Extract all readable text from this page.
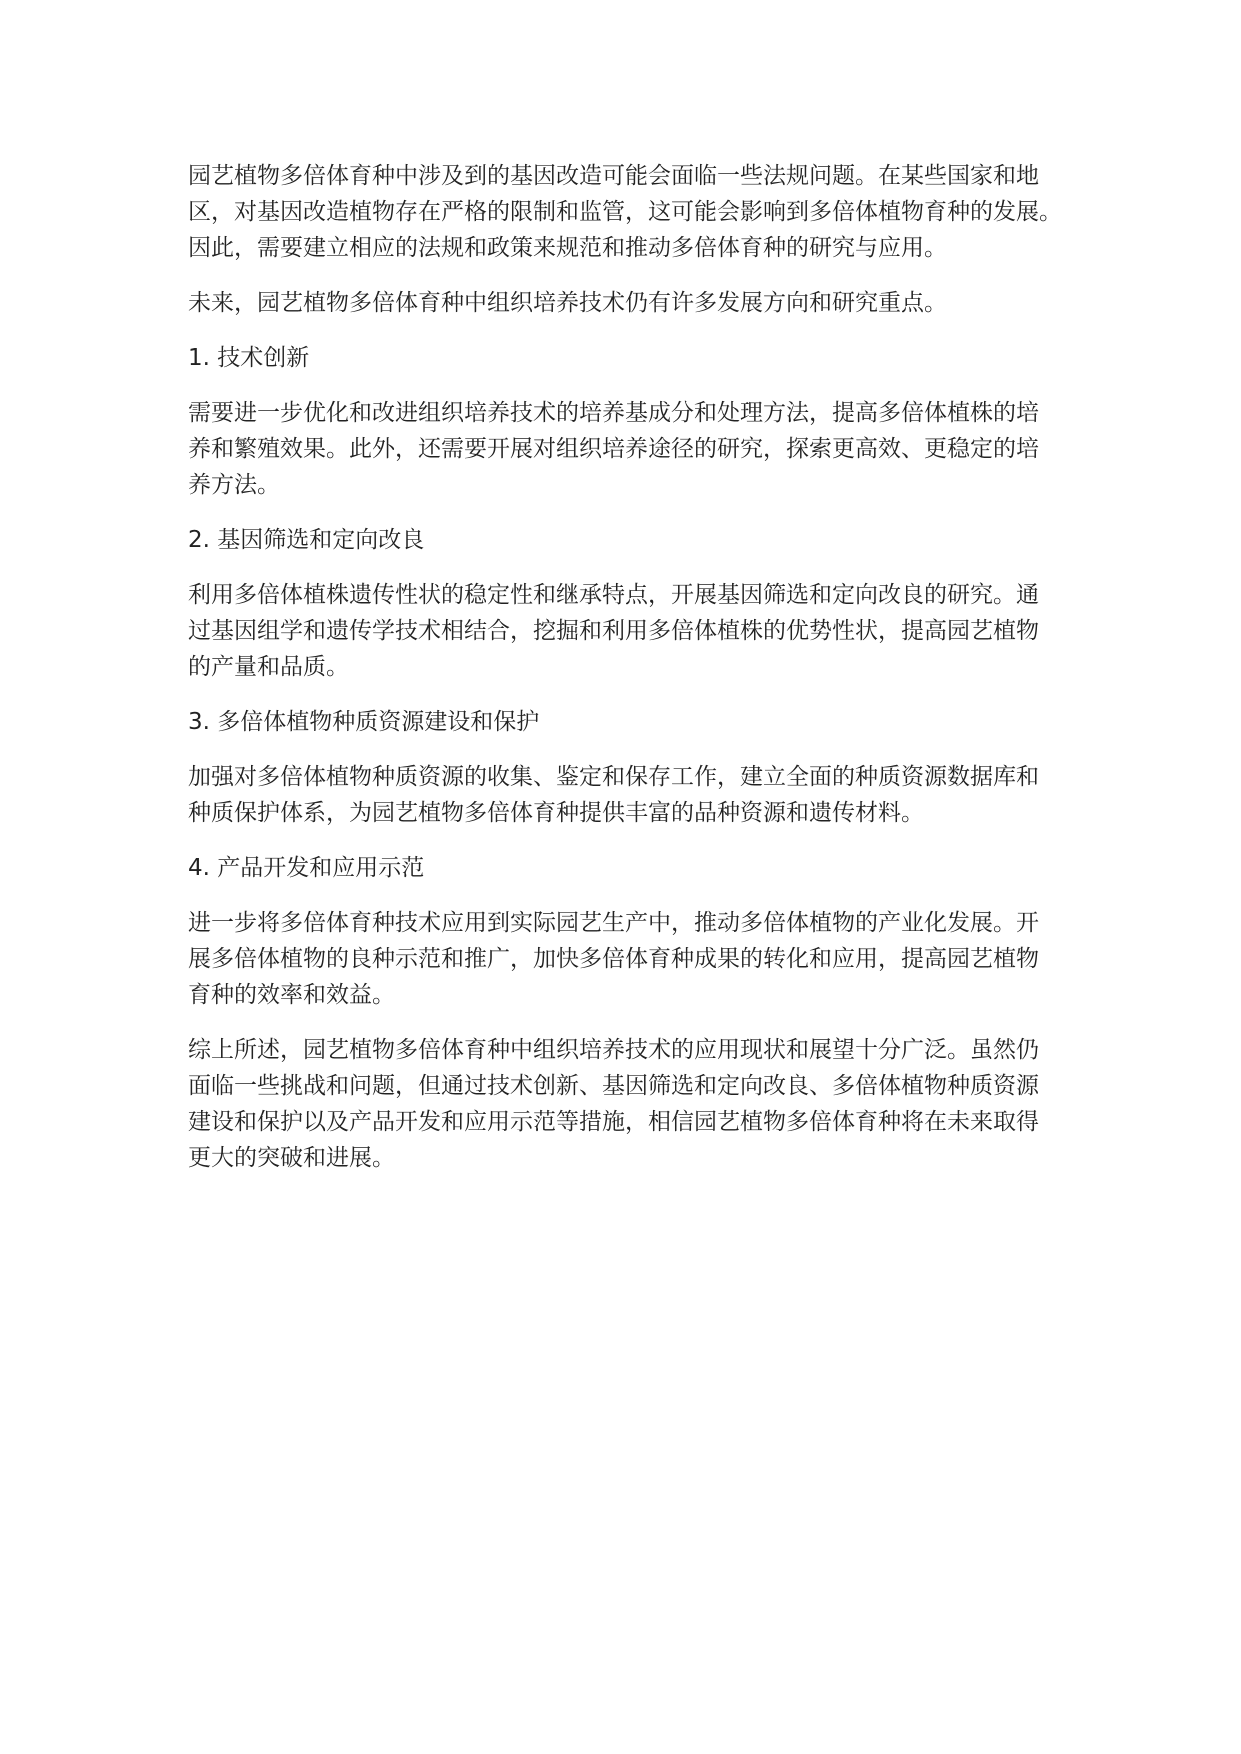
园艺植物多倍体育种中涉及到的基因改造可能会面临一些法规问题。在某些国家和地
区，对基因改造植物存在严格的限制和监管，这可能会影响到多倍体植物育种的发展。
因此，需要建立相应的法规和政策来规范和推动多倍体育种的研究与应用。

未来，园艺植物多倍体育种中组织培养技术仍有许多发展方向和研究重点。

1. 技术创新

需要进一步优化和改进组织培养技术的培养基成分和处理方法，提高多倍体植株的培
养和繁殖效果。此外，还需要开展对组织培养途径的研究，探索更高效、更稳定的培
养方法。

2. 基因筛选和定向改良

利用多倍体植株遗传性状的稳定性和继承特点，开展基因筛选和定向改良的研究。通
过基因组学和遗传学技术相结合，挖掘和利用多倍体植株的优势性状，提高园艺植物
的产量和品质。

3. 多倍体植物种质资源建设和保护

加强对多倍体植物种质资源的收集、鉴定和保存工作，建立全面的种质资源数据库和
种质保护体系，为园艺植物多倍体育种提供丰富的品种资源和遗传材料。

4. 产品开发和应用示范

进一步将多倍体育种技术应用到实际园艺生产中，推动多倍体植物的产业化发展。开
展多倍体植物的良种示范和推广，加快多倍体育种成果的转化和应用，提高园艺植物
育种的效率和效益。

综上所述，园艺植物多倍体育种中组织培养技术的应用现状和展望十分广泛。虽然仍
面临一些挑战和问题，但通过技术创新、基因筛选和定向改良、多倍体植物种质资源
建设和保护以及产品开发和应用示范等措施，相信园艺植物多倍体育种将在未来取得
更大的突破和进展。
